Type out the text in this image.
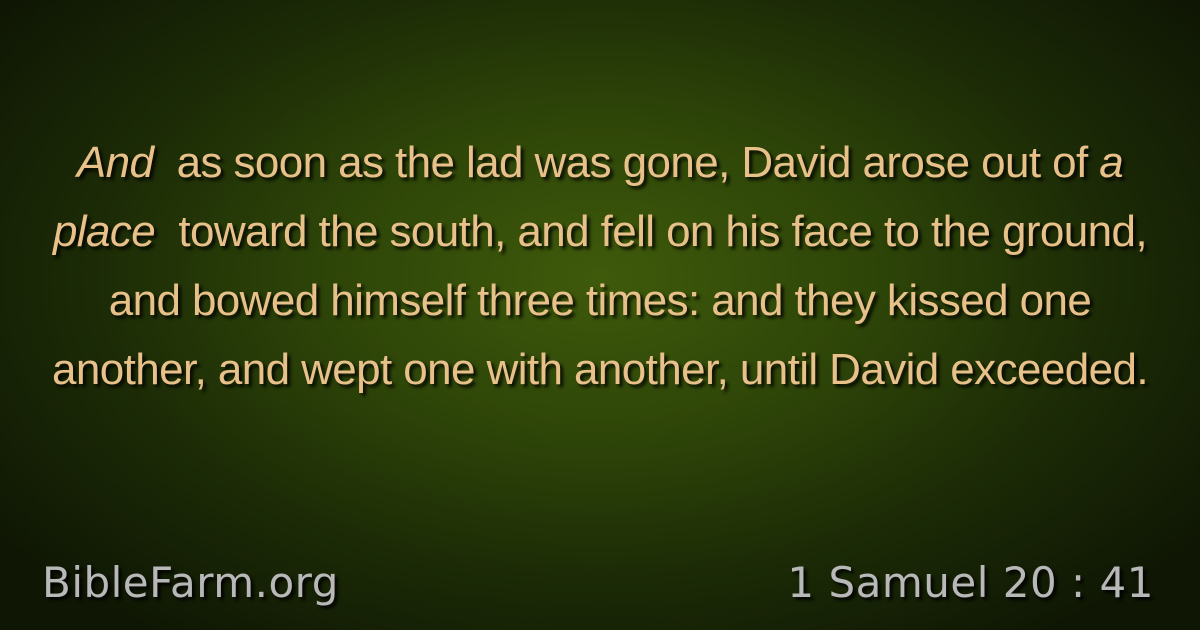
And  as soon as the lad was gone, David arose out of a place  toward the south, and fell on his face to the ground, and bowed himself three times: and they kissed one another, and wept one with another, until David exceeded.

BibleFarm.org	1 Samuel 20 : 41
